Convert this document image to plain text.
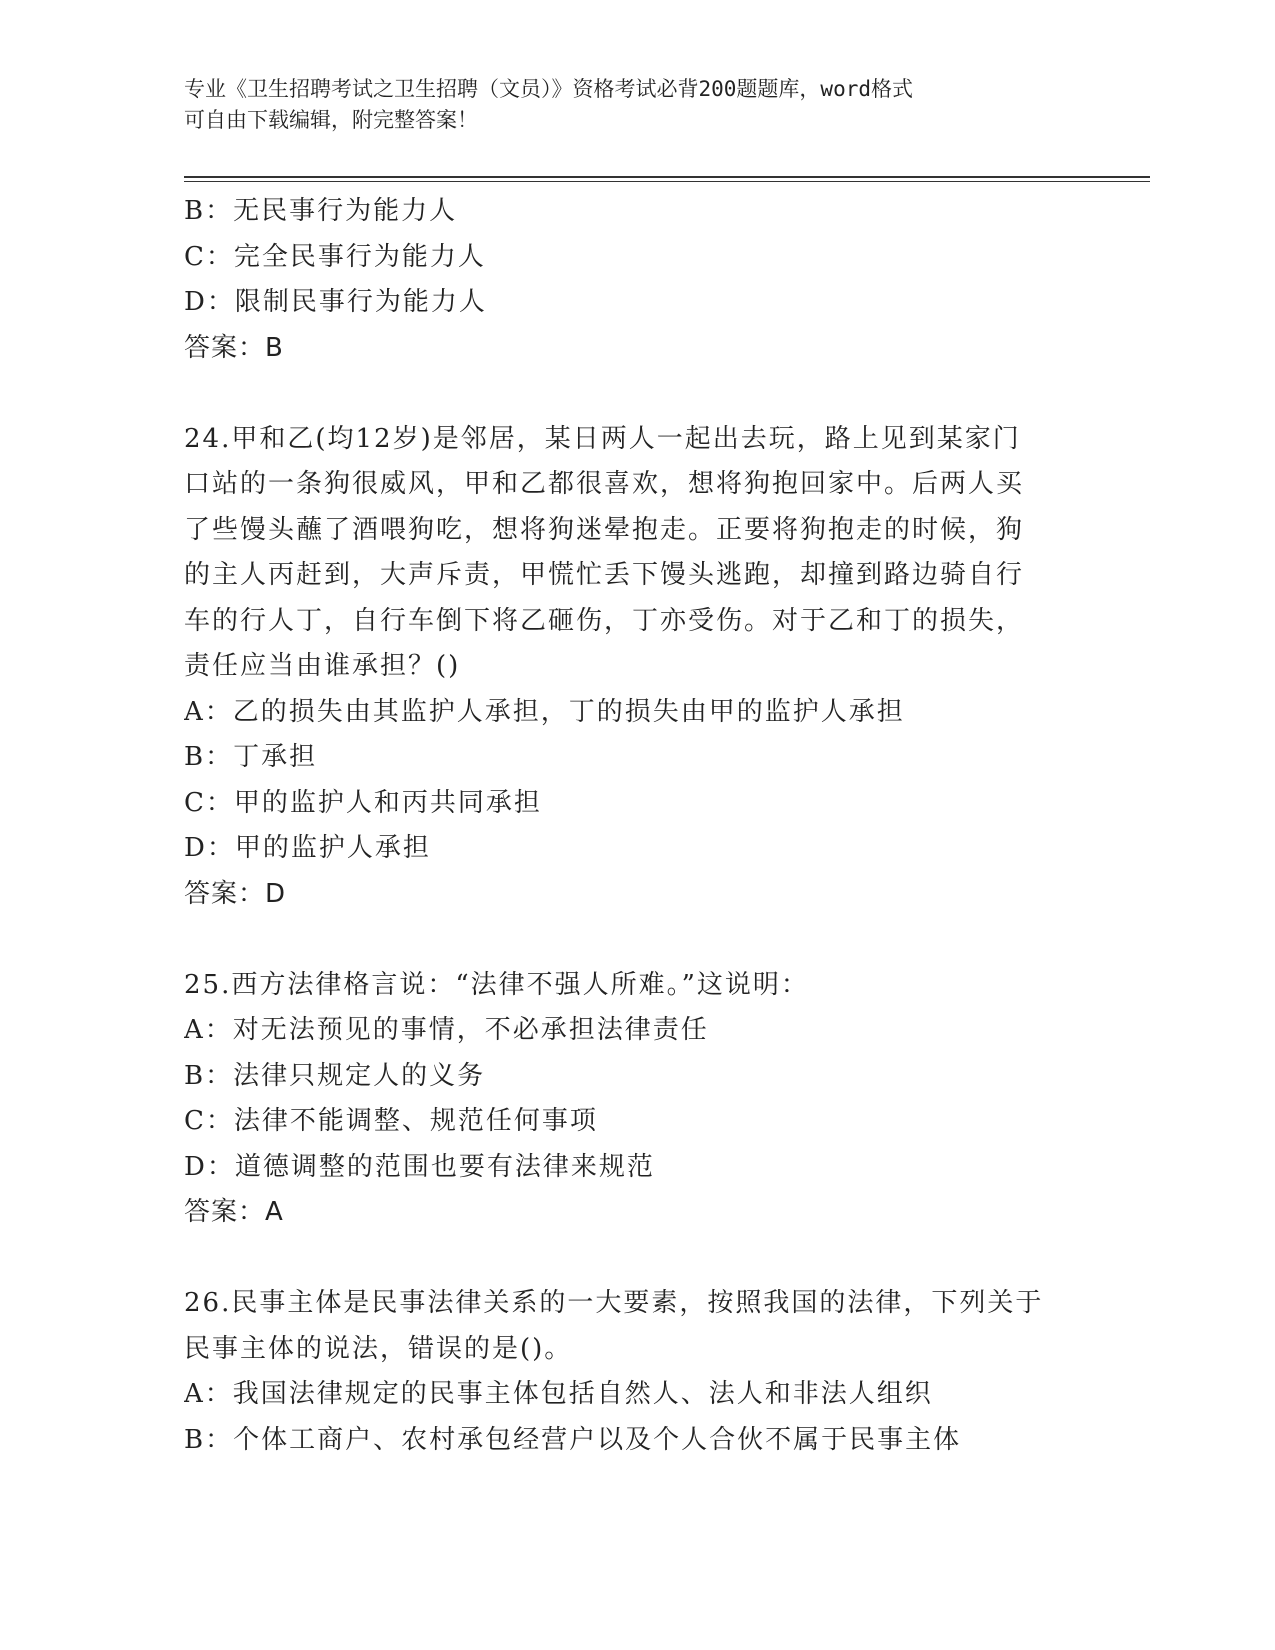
专业《卫生招聘考试之卫生招聘（文员）》资格考试必背200题题库，word格式

可自由下载编辑，附完整答案！

B：无民事行为能力人

C：完全民事行为能力人

D：限制民事行为能力人

答案：B

24.甲和乙(均12岁)是邻居，某日两人一起出去玩，路上见到某家门

口站的一条狗很威风，甲和乙都很喜欢，想将狗抱回家中。后两人买

了些馒头蘸了酒喂狗吃，想将狗迷晕抱走。正要将狗抱走的时候，狗

的主人丙赶到，大声斥责，甲慌忙丢下馒头逃跑，却撞到路边骑自行

车的行人丁，自行车倒下将乙砸伤，丁亦受伤。对于乙和丁的损失，

责任应当由谁承担？()

A：乙的损失由其监护人承担，丁的损失由甲的监护人承担

B：丁承担

C：甲的监护人和丙共同承担

D：甲的监护人承担

答案：D

25.西方法律格言说：“法律不强人所难。”这说明：

A：对无法预见的事情，不必承担法律责任

B：法律只规定人的义务

C：法律不能调整、规范任何事项

D：道德调整的范围也要有法律来规范

答案：A

26.民事主体是民事法律关系的一大要素，按照我国的法律，下列关于

民事主体的说法，错误的是()。

A：我国法律规定的民事主体包括自然人、法人和非法人组织

B：个体工商户、农村承包经营户以及个人合伙不属于民事主体
